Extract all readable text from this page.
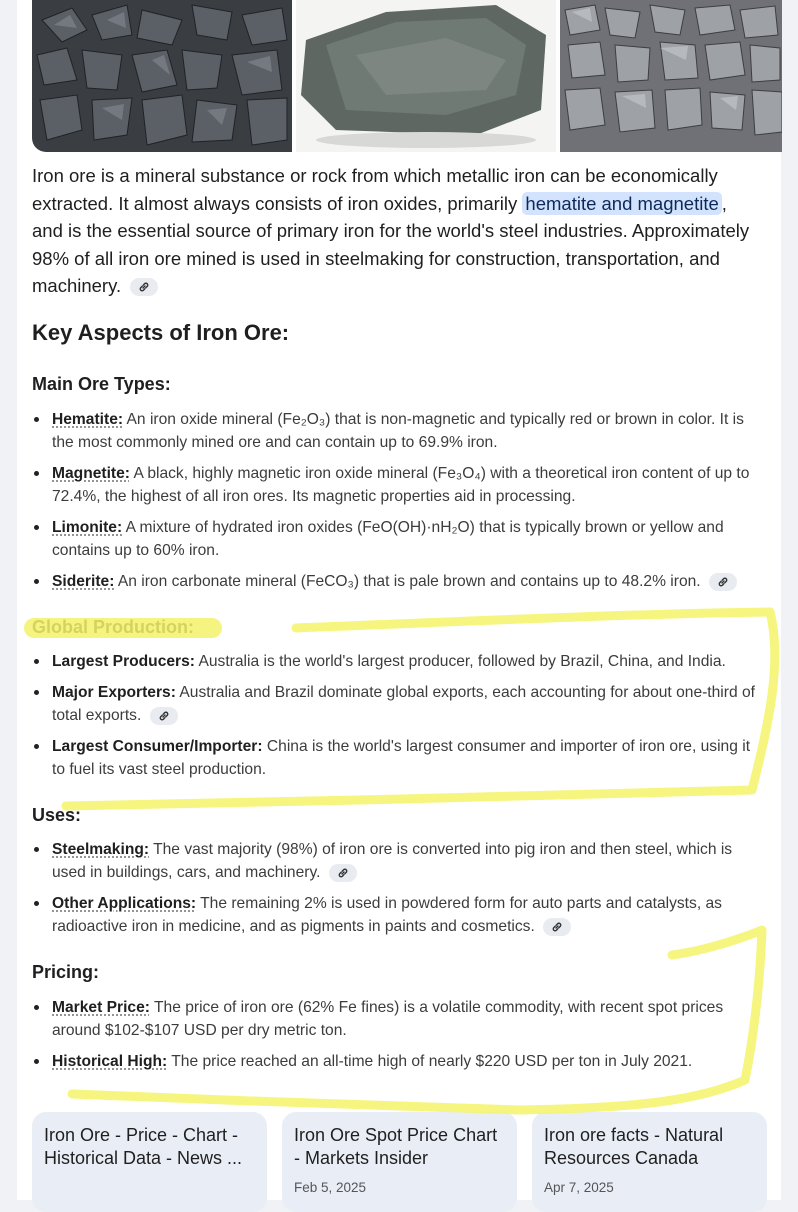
Iron ore is a mineral substance or rock from which metallic iron can be economically extracted. It almost always consists of iron oxides, primarily hematite and magnetite , and is the essential source of primary iron for the world's steel industries. Approximately 98% of all iron ore mined is used in steelmaking for construction, transportation, and machinery.
Key Aspects of Iron Ore:
Main Ore Types:
Hematite: An iron oxide mineral (Fe₂O₃) that is non-magnetic and typically red or brown in color. It is the most commonly mined ore and can contain up to 69.9% iron.
Magnetite: A black, highly magnetic iron oxide mineral (Fe₃O₄) with a theoretical iron content of up to 72.4%, the highest of all iron ores. Its magnetic properties aid in processing.
Limonite: A mixture of hydrated iron oxides (FeO(OH)·nH₂O) that is typically brown or yellow and contains up to 60% iron.
Siderite: An iron carbonate mineral (FeCO₃) that is pale brown and contains up to 48.2% iron.
Global Production:
Largest Producers: Australia is the world's largest producer, followed by Brazil, China, and India.
Major Exporters: Australia and Brazil dominate global exports, each accounting for about one-third of total exports.
Largest Consumer/Importer: China is the world's largest consumer and importer of iron ore, using it to fuel its vast steel production.
Uses:
Steelmaking: The vast majority (98%) of iron ore is converted into pig iron and then steel, which is used in buildings, cars, and machinery.
Other Applications: The remaining 2% is used in powdered form for auto parts and catalysts, as radioactive iron in medicine, and as pigments in paints and cosmetics.
Pricing:
Market Price: The price of iron ore (62% Fe fines) is a volatile commodity, with recent spot prices around $102-$107 USD per dry metric ton.
Historical High: The price reached an all-time high of nearly $220 USD per ton in July 2021.
Iron Ore - Price - Chart - Historical Data - News ...
Iron Ore Spot Price Chart - Markets Insider
Feb 5, 2025
Iron ore facts - Natural Resources Canada
Apr 7, 2025
